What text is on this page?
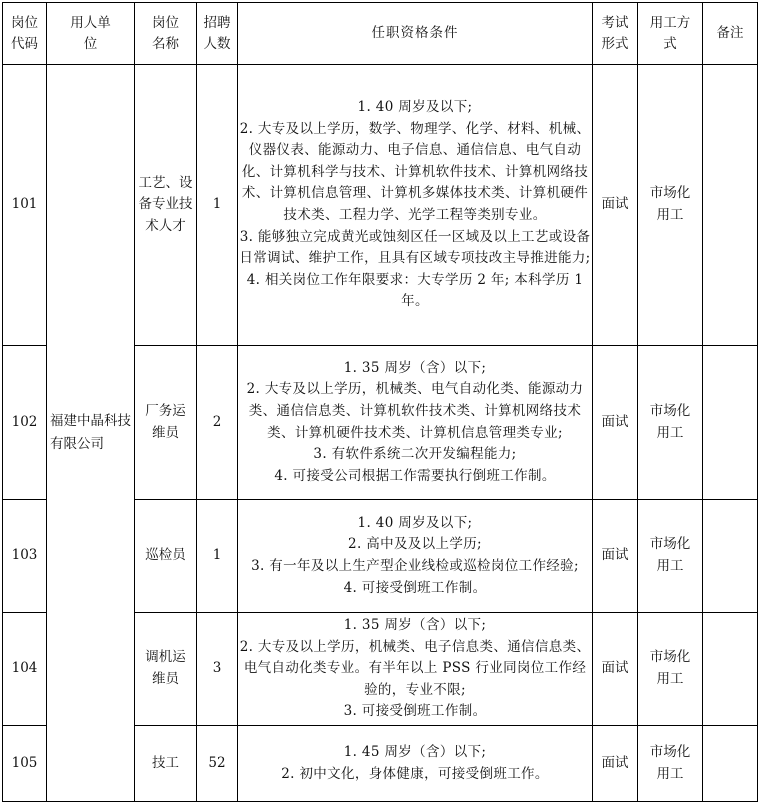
岗位代码	用人单位	岗位名称	招聘人数	任职资格条件	考试形式	用工方式	备注
101	福建中晶科技有限公司	工艺、设备专业技术人才	1	1. 40 周岁及以下;
2. 大专及以上学历，数学、物理学、化学、材料、机械、仪器仪表、能源动力、电子信息、通信信息、电气自动化、计算机科学与技术、计算机软件技术、计算机网络技术、计算机信息管理、计算机多媒体技术类、计算机硬件技术类、工程力学、光学工程等类别专业。
3. 能够独立完成黄光或蚀刻区任一区域及以上工艺或设备日常调试、维护工作，且具有区域专项技改主导推进能力;
4. 相关岗位工作年限要求：大专学历 2 年; 本科学历 1 年。	面试	市场化用工	
102		厂务运维员	2	1. 35 周岁（含）以下;
2. 大专及以上学历，机械类、电气自动化类、能源动力类、通信信息类、计算机软件技术类、计算机网络技术类、计算机硬件技术类、计算机信息管理类专业;
3. 有软件系统二次开发编程能力;
4. 可接受公司根据工作需要执行倒班工作制。	面试	市场化用工	
103		巡检员	1	1. 40 周岁及以下;
2. 高中及及以上学历;
3. 有一年及以上生产型企业线检或巡检岗位工作经验;
4. 可接受倒班工作制。	面试	市场化用工	
104		调机运维员	3	1. 35 周岁（含）以下;
2. 大专及以上学历，机械类、电子信息类、通信信息类、电气自动化类专业。有半年以上 PSS 行业同岗位工作经验的，专业不限;
3. 可接受倒班工作制。	面试	市场化用工	
105		技工	52	1. 45 周岁（含）以下;
2. 初中文化，身体健康，可接受倒班工作。	面试	市场化用工	
